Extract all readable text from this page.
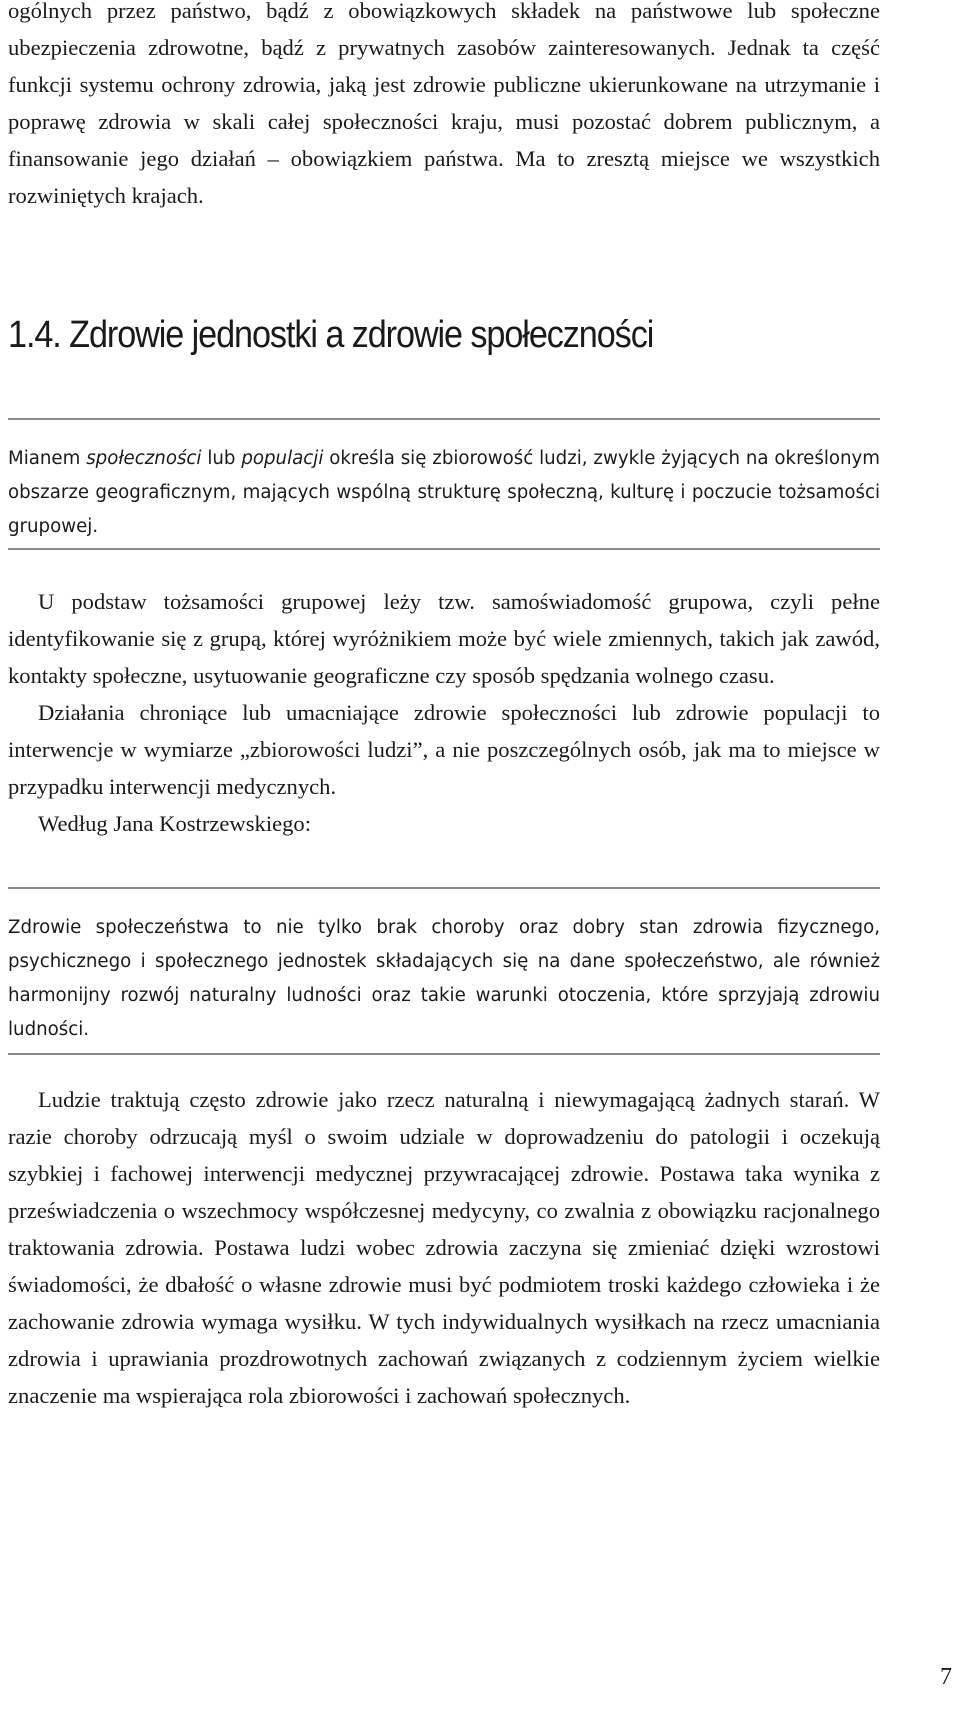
ogólnych przez państwo, bądź z obowiązkowych składek na państwowe lub społeczne ubezpieczenia zdrowotne, bądź z prywatnych zasobów zainteresowanych. Jednak ta część funkcji systemu ochrony zdrowia, jaką jest zdrowie publiczne ukierunkowane na utrzymanie i poprawę zdrowia w skali całej społeczności kraju, musi pozostać dobrem publicznym, a finansowanie jego działań – obowiązkiem państwa. Ma to zresztą miejsce we wszystkich rozwiniętych krajach.

1.4. Zdrowie jednostki a zdrowie społeczności

Mianem społeczności lub populacji określa się zbiorowość ludzi, zwykle żyjących na określonym obszarze geograficznym, mających wspólną strukturę społeczną, kulturę i poczucie tożsamości grupowej.

U podstaw tożsamości grupowej leży tzw. samoświadomość grupowa, czyli pełne identyfikowanie się z grupą, której wyróżnikiem może być wiele zmiennych, takich jak zawód, kontakty społeczne, usytuowanie geograficzne czy sposób spędzania wolnego czasu.

Działania chroniące lub umacniające zdrowie społeczności lub zdrowie populacji to interwencje w wymiarze „zbiorowości ludzi”, a nie poszczególnych osób, jak ma to miejsce w przypadku interwencji medycznych.

Według Jana Kostrzewskiego:

Zdrowie społeczeństwa to nie tylko brak choroby oraz dobry stan zdrowia fizycznego, psychicznego i społecznego jednostek składających się na dane społeczeństwo, ale również harmonijny rozwój naturalny ludności oraz takie warunki otoczenia, które sprzyjają zdrowiu ludności.

Ludzie traktują często zdrowie jako rzecz naturalną i niewymagającą żadnych starań. W razie choroby odrzucają myśl o swoim udziale w doprowadzeniu do patologii i oczekują szybkiej i fachowej interwencji medycznej przywracającej zdrowie. Postawa taka wynika z przeświadczenia o wszechmocy współczesnej medycyny, co zwalnia z obowiązku racjonalnego traktowania zdrowia. Postawa ludzi wobec zdrowia zaczyna się zmieniać dzięki wzrostowi świadomości, że dbałość o własne zdrowie musi być podmiotem troski każdego człowieka i że zachowanie zdrowia wymaga wysiłku. W tych indywidualnych wysiłkach na rzecz umacniania zdrowia i uprawiania prozdrowotnych zachowań związanych z codziennym życiem wielkie znaczenie ma wspierająca rola zbiorowości i zachowań społecznych.

7
